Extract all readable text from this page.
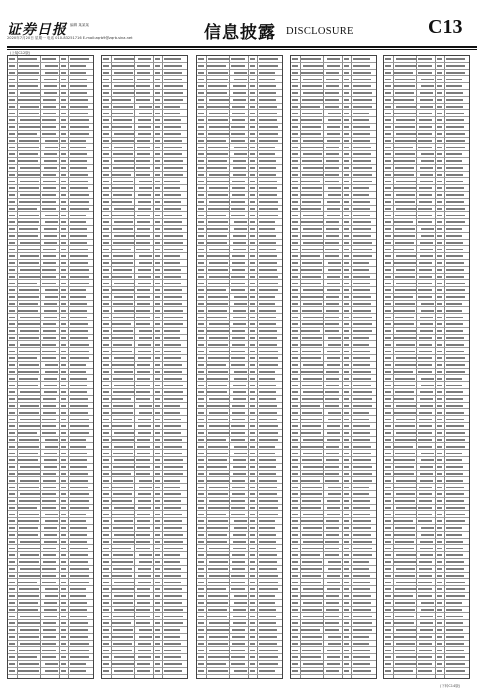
证券日报 编辑 某某某
2020年7月20日 星期一 电话 010-83251716 E-mail:zqrb9@zqrb.sina.net	信息披露 DISCLOSURE	C13
(上接C12版)
(下转C14版)
